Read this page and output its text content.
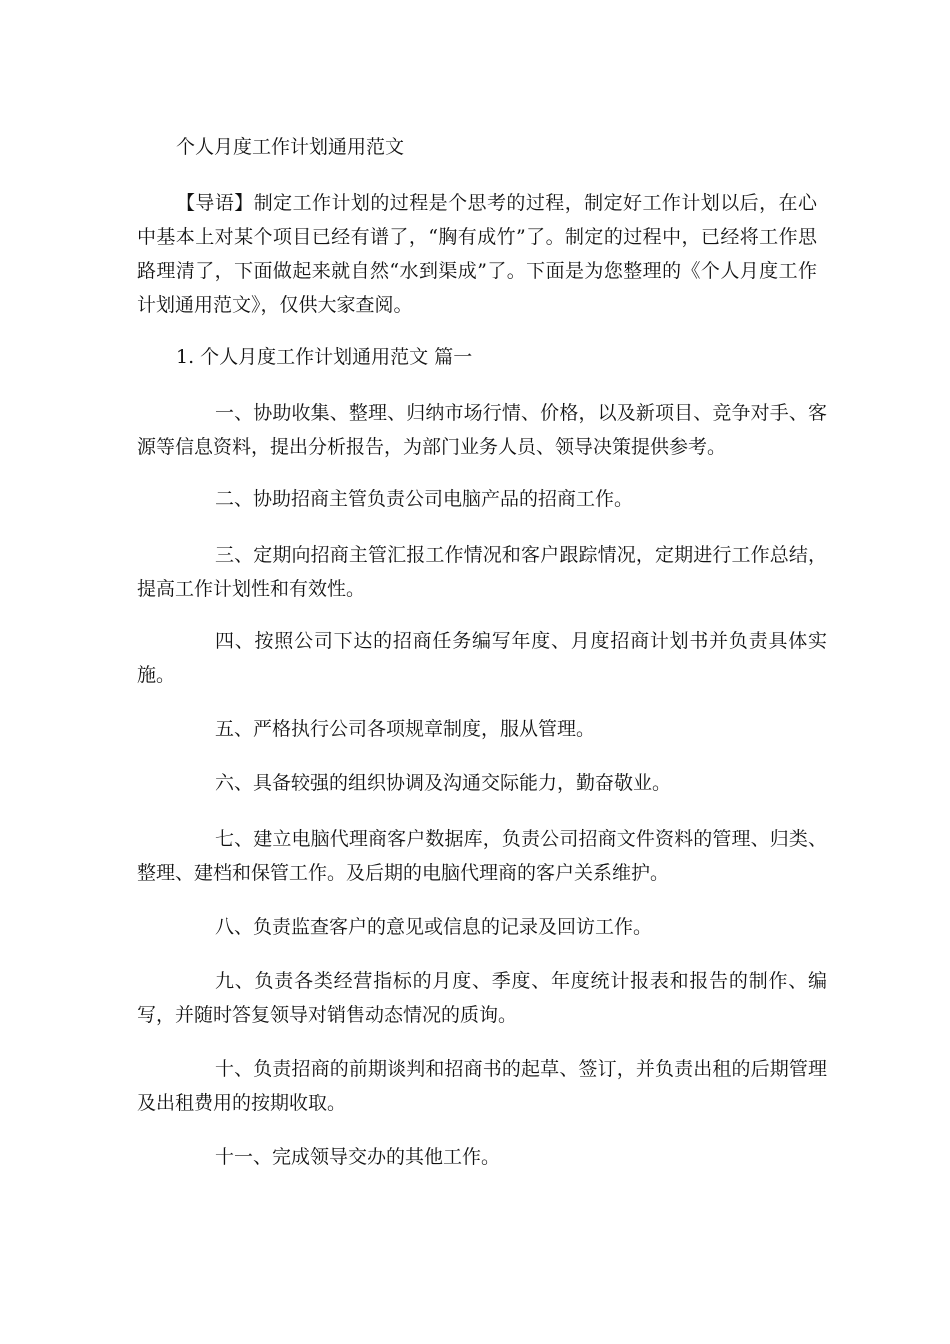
个人月度工作计划通用范文
【导语】制定工作计划的过程是个思考的过程，制定好工作计划以后，在心中基本上对某个项目已经有谱了，“胸有成竹”了。制定的过程中，已经将工作思路理清了，下面做起来就自然“水到渠成”了。下面是为您整理的《个人月度工作计划通用范文》，仅供大家查阅。
1. 个人月度工作计划通用范文 篇一
一、协助收集、整理、归纳市场行情、价格，以及新项目、竞争对手、客源等信息资料，提出分析报告，为部门业务人员、领导决策提供参考。
二、协助招商主管负责公司电脑产品的招商工作。
三、定期向招商主管汇报工作情况和客户跟踪情况，定期进行工作总结，提高工作计划性和有效性。
四、按照公司下达的招商任务编写年度、月度招商计划书并负责具体实施。
五、严格执行公司各项规章制度，服从管理。
六、具备较强的组织协调及沟通交际能力，勤奋敬业。
七、建立电脑代理商客户数据库，负责公司招商文件资料的管理、归类、整理、建档和保管工作。及后期的电脑代理商的客户关系维护。
八、负责监查客户的意见或信息的记录及回访工作。
九、负责各类经营指标的月度、季度、年度统计报表和报告的制作、编写，并随时答复领导对销售动态情况的质询。
十、负责招商的前期谈判和招商书的起草、签订，并负责出租的后期管理及出租费用的按期收取。
十一、完成领导交办的其他工作。
